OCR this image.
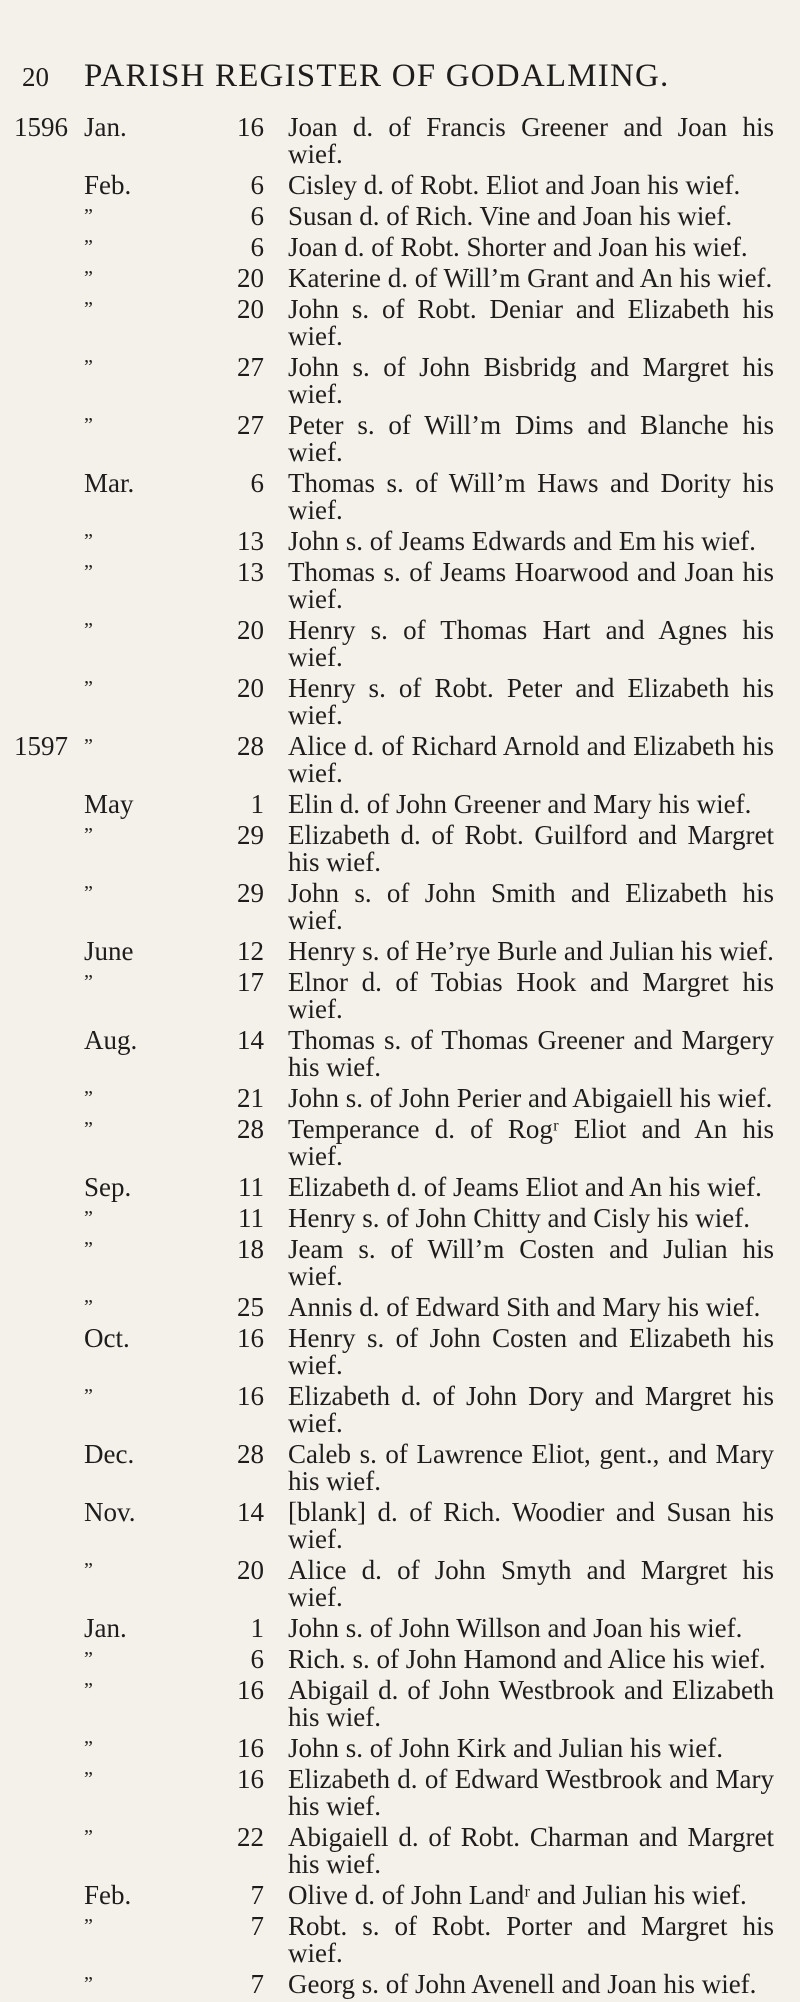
20 PARISH REGISTER OF GODALMING.
1596 Jan.	16 Joan d. of Francis Greener and Joan his wief.
Feb.	6 Cisley d. of Robt. Eliot and Joan his wief.
”	6 Susan d. of Rich. Vine and Joan his wief.
”	6 Joan d. of Robt. Shorter and Joan his wief.
”	20 Katerine d. of Will’m Grant and An his wief.
”	20 John s. of Robt. Deniar and Elizabeth his wief.
”	27 John s. of John Bisbridg and Margret his wief.
”	27 Peter s. of Will’m Dims and Blanche his wief.
Mar.	6 Thomas s. of Will’m Haws and Dority his wief.
”	13 John s. of Jeams Edwards and Em his wief.
”	13 Thomas s. of Jeams Hoarwood and Joan his wief.
”	20 Henry s. of Thomas Hart and Agnes his wief.
”	20 Henry s. of Robt. Peter and Elizabeth his wief.
1597 ”	28 Alice d. of Richard Arnold and Elizabeth his wief.
May	1 Elin d. of John Greener and Mary his wief.
”	29 Elizabeth d. of Robt. Guilford and Margret his wief.
”	29 John s. of John Smith and Elizabeth his wief.
June	12 Henry s. of He’rye Burle and Julian his wief.
”	17 Elnor d. of Tobias Hook and Margret his wief.
Aug.	14 Thomas s. of Thomas Greener and Margery his wief.
”	21 John s. of John Perier and Abigaiell his wief.
”	28 Temperance d. of Rogʳ Eliot and An his wief.
Sep.	11 Elizabeth d. of Jeams Eliot and An his wief.
”	11 Henry s. of John Chitty and Cisly his wief.
”	18 Jeam s. of Will’m Costen and Julian his wief.
”	25 Annis d. of Edward Sith and Mary his wief.
Oct.	16 Henry s. of John Costen and Elizabeth his wief.
”	16 Elizabeth d. of John Dory and Margret his wief.
Dec.	28 Caleb s. of Lawrence Eliot, gent., and Mary his wief.
Nov.	14 [blank] d. of Rich. Woodier and Susan his wief.
”	20 Alice d. of John Smyth and Margret his wief.
Jan.	1 John s. of John Willson and Joan his wief.
”	6 Rich. s. of John Hamond and Alice his wief.
”	16 Abigail d. of John Westbrook and Elizabeth his wief.
”	16 John s. of John Kirk and Julian his wief.
”	16 Elizabeth d. of Edward Westbrook and Mary his wief.
”	22 Abigaiell d. of Robt. Charman and Margret his wief.
Feb.	7 Olive d. of John Landʳ and Julian his wief.
”	7 Robt. s. of Robt. Porter and Margret his wief.
”	7 Georg s. of John Avenell and Joan his wief.
